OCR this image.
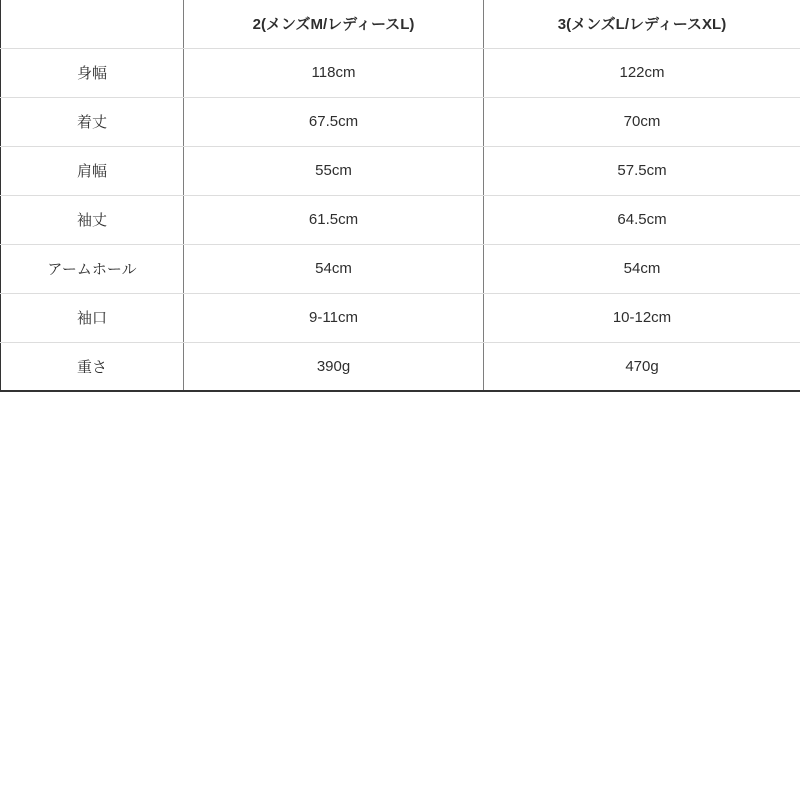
	2(メンズM/レディースL)	3(メンズL/レディースXL)
身幅	118cm	122cm
着丈	67.5cm	70cm
肩幅	55cm	57.5cm
袖丈	61.5cm	64.5cm
アームホール	54cm	54cm
袖口	9-11cm	10-12cm
重さ	390g	470g
